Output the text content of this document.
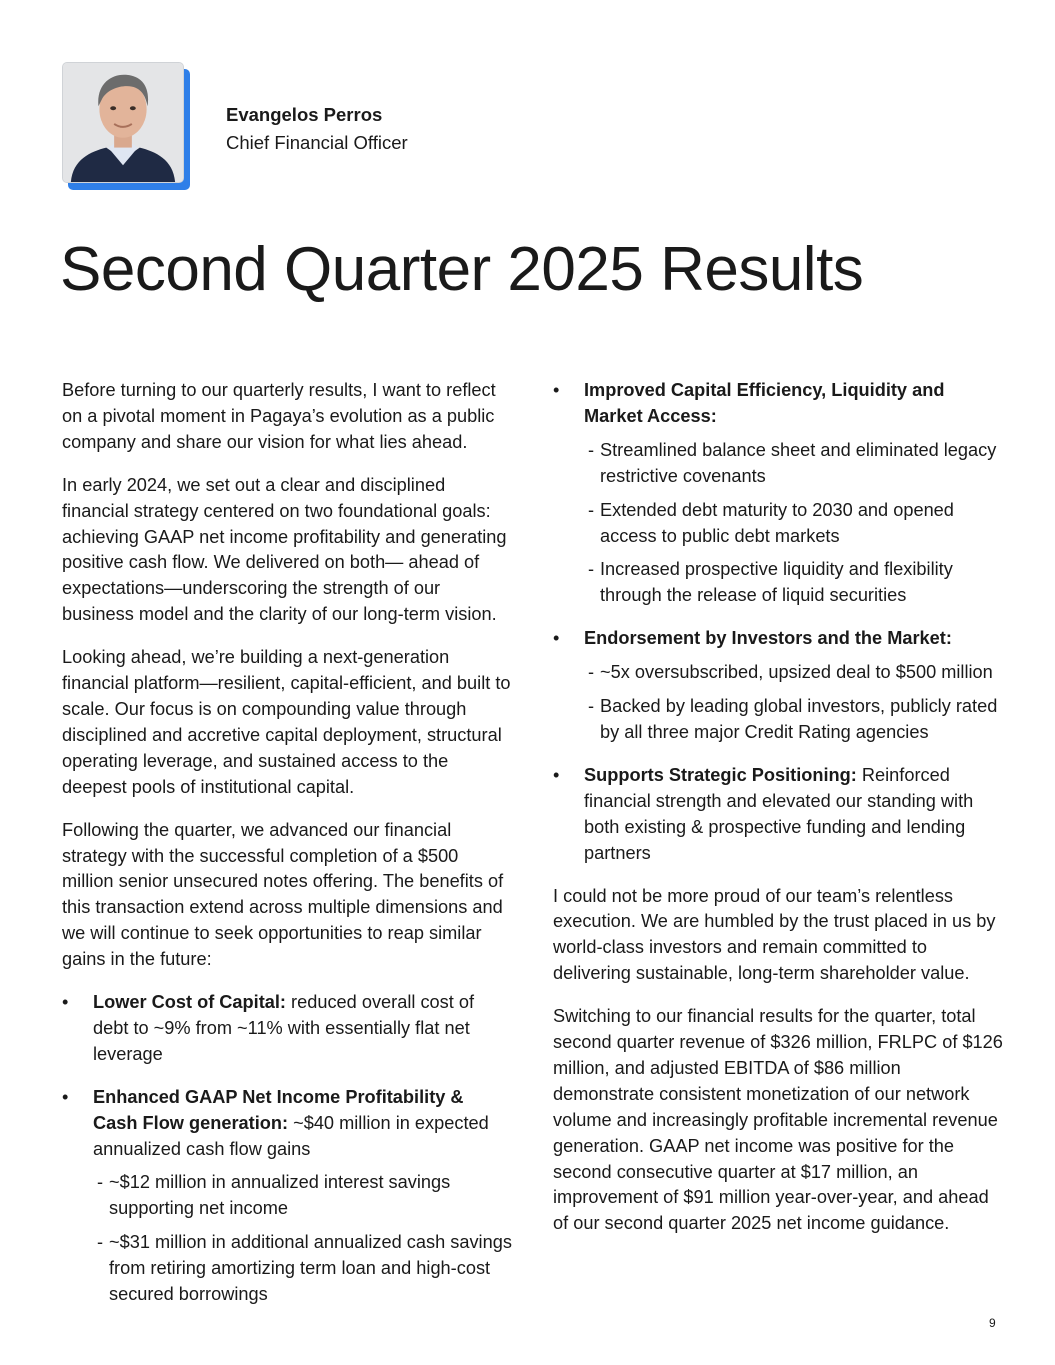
Evangelos Perros
Chief Financial Officer
Second Quarter 2025 Results

Before turning to our quarterly results, I want to reflect on a pivotal moment in Pagaya’s evolution as a public company and share our vision for what lies ahead.

In early 2024, we set out a clear and disciplined financial strategy centered on two foundational goals: achieving GAAP net income profitability and generating positive cash flow. We delivered on both— ahead of expectations—underscoring the strength of our business model and the clarity of our long-term vision.

Looking ahead, we’re building a next-generation financial platform—resilient, capital-efficient, and built to scale. Our focus is on compounding value through disciplined and accretive capital deployment, structural operating leverage, and sustained access to the deepest pools of institutional capital.

Following the quarter, we advanced our financial strategy with the successful completion of a $500 million senior unsecured notes offering. The benefits of this transaction extend across multiple dimensions and we will continue to seek opportunities to reap similar gains in the future:

• Lower Cost of Capital: reduced overall cost of debt to ~9% from ~11% with essentially flat net leverage
• Enhanced GAAP Net Income Profitability & Cash Flow generation: ~$40 million in expected annualized cash flow gains
- ~$12 million in annualized interest savings supporting net income
- ~$31 million in additional annualized cash savings from retiring amortizing term loan and high-cost secured borrowings
• Improved Capital Efficiency, Liquidity and Market Access:
- Streamlined balance sheet and eliminated legacy restrictive covenants
- Extended debt maturity to 2030 and opened access to public debt markets
- Increased prospective liquidity and flexibility through the release of liquid securities
• Endorsement by Investors and the Market:
- ~5x oversubscribed, upsized deal to $500 million
- Backed by leading global investors, publicly rated by all three major Credit Rating agencies
• Supports Strategic Positioning: Reinforced financial strength and elevated our standing with both existing & prospective funding and lending partners

I could not be more proud of our team’s relentless execution. We are humbled by the trust placed in us by world-class investors and remain committed to delivering sustainable, long-term shareholder value.

Switching to our financial results for the quarter, total second quarter revenue of $326 million, FRLPC of $126 million, and adjusted EBITDA of $86 million demonstrate consistent monetization of our network volume and increasingly profitable incremental revenue generation. GAAP net income was positive for the second consecutive quarter at $17 million, an improvement of $91 million year-over-year, and ahead of our second quarter 2025 net income guidance.

9
